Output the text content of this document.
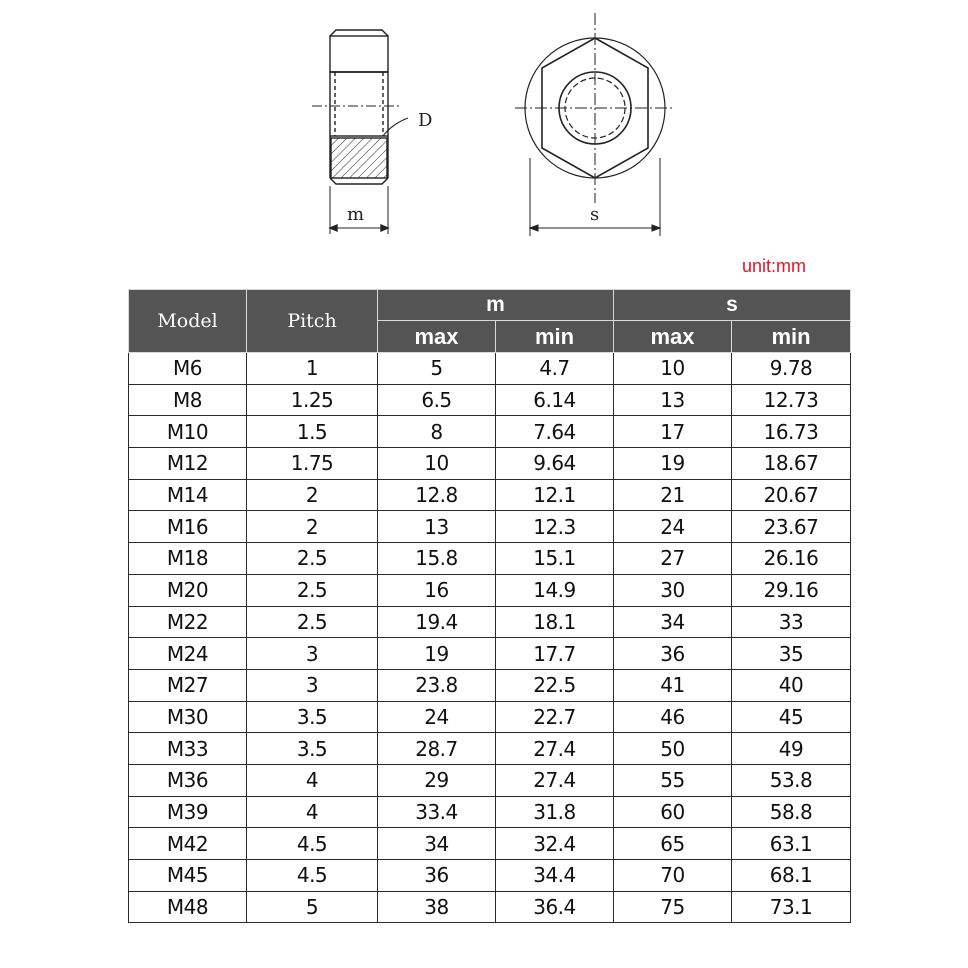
D
m	s
unit:mm
Model	Pitch	m		s	
		max	min	max	min
M6	1	5	4.7	10	9.78
M8	1.25	6.5	6.14	13	12.73
M10	1.5	8	7.64	17	16.73
M12	1.75	10	9.64	19	18.67
M14	2	12.8	12.1	21	20.67
M16	2	13	12.3	24	23.67
M18	2.5	15.8	15.1	27	26.16
M20	2.5	16	14.9	30	29.16
M22	2.5	19.4	18.1	34	33
M24	3	19	17.7	36	35
M27	3	23.8	22.5	41	40
M30	3.5	24	22.7	46	45
M33	3.5	28.7	27.4	50	49
M36	4	29	27.4	55	53.8
M39	4	33.4	31.8	60	58.8
M42	4.5	34	32.4	65	63.1
M45	4.5	36	34.4	70	68.1
M48	5	38	36.4	75	73.1
